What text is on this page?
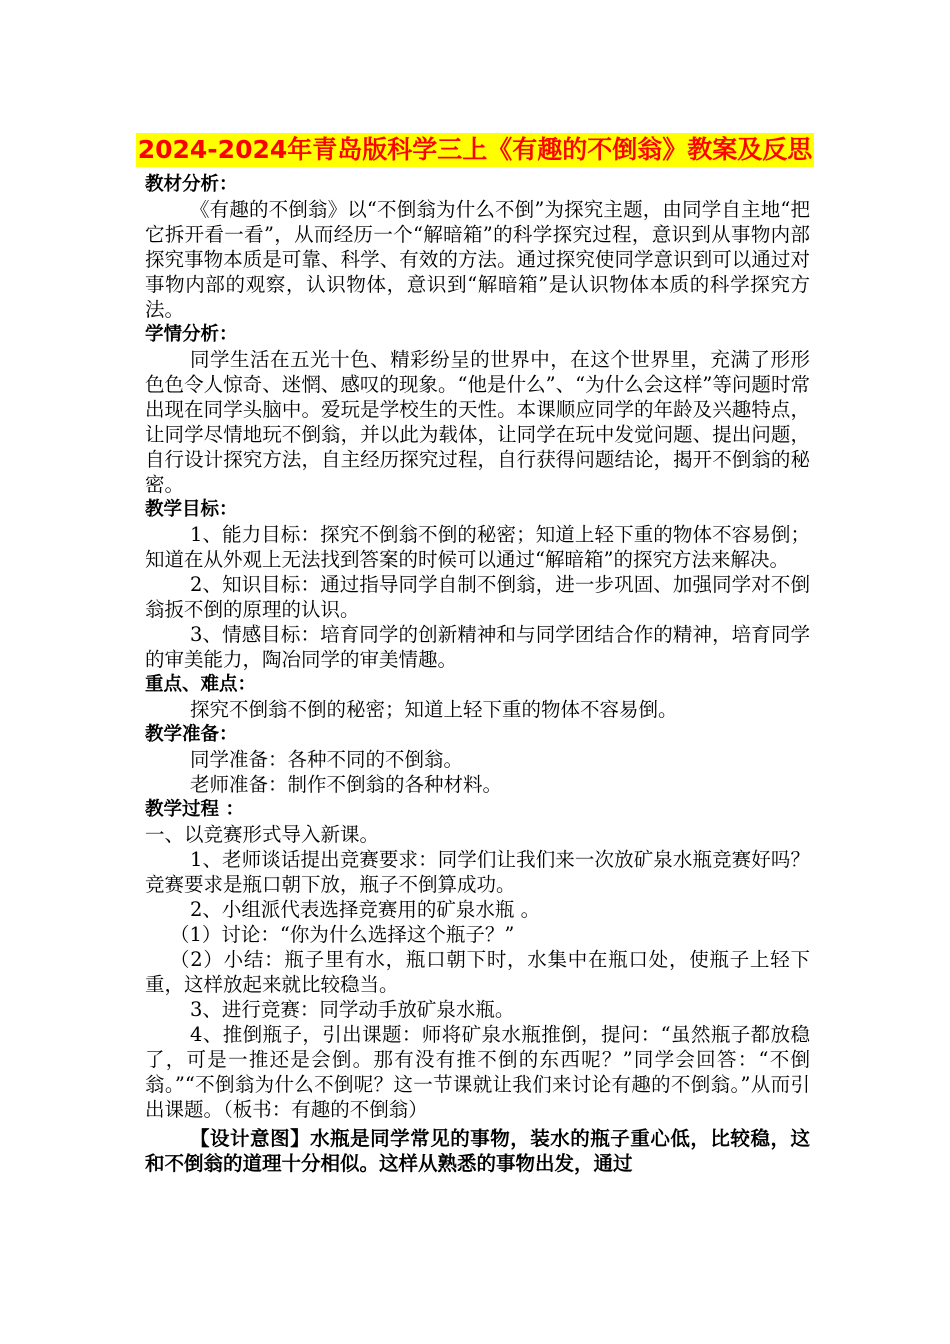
2024-2024年青岛版科学三上《有趣的不倒翁》教案及反思

教材分析：

《有趣的不倒翁》以“不倒翁为什么不倒”为探究主题，由同学自主地“把它拆开看一看”，从而经历一个“解暗箱”的科学探究过程，意识到从事物内部探究事物本质是可靠、科学、有效的方法。通过探究使同学意识到可以通过对事物内部的观察，认识物体，意识到“解暗箱”是认识物体本质的科学探究方法。

学情分析：

同学生活在五光十色、精彩纷呈的世界中，在这个世界里，充满了形形色色令人惊奇、迷惘、感叹的现象。“他是什么”、“为什么会这样”等问题时常出现在同学头脑中。爱玩是学校生的天性。本课顺应同学的年龄及兴趣特点，让同学尽情地玩不倒翁，并以此为载体，让同学在玩中发觉问题、提出问题，自行设计探究方法，自主经历探究过程，自行获得问题结论，揭开不倒翁的秘密。

教学目标：

1、能力目标：探究不倒翁不倒的秘密；知道上轻下重的物体不容易倒；知道在从外观上无法找到答案的时候可以通过“解暗箱”的探究方法来解决。

2、知识目标：通过指导同学自制不倒翁，进一步巩固、加强同学对不倒翁扳不倒的原理的认识。

3、情感目标：培育同学的创新精神和与同学团结合作的精神，培育同学的审美能力，陶冶同学的审美情趣。

重点、难点：

探究不倒翁不倒的秘密；知道上轻下重的物体不容易倒。

教学准备：

同学准备：各种不同的不倒翁。

老师准备：制作不倒翁的各种材料。

教学过程 ：

一、以竞赛形式导入新课。

1、老师谈话提出竞赛要求：同学们让我们来一次放矿泉水瓶竞赛好吗？竞赛要求是瓶口朝下放，瓶子不倒算成功。

2、小组派代表选择竞赛用的矿泉水瓶 。

（1）讨论：“你为什么选择这个瓶子？”

（2）小结：瓶子里有水，瓶口朝下时，水集中在瓶口处，使瓶子上轻下重，这样放起来就比较稳当。

3、进行竞赛：同学动手放矿泉水瓶。

4、推倒瓶子，引出课题：师将矿泉水瓶推倒，提问：“虽然瓶子都放稳了，可是一推还是会倒。那有没有推不倒的东西呢？”同学会回答：“不倒翁。”“不倒翁为什么不倒呢？这一节课就让我们来讨论有趣的不倒翁。”从而引出课题。（板书：有趣的不倒翁）

【设计意图】水瓶是同学常见的事物，装水的瓶子重心低，比较稳，这和不倒翁的道理十分相似。这样从熟悉的事物出发，通过
